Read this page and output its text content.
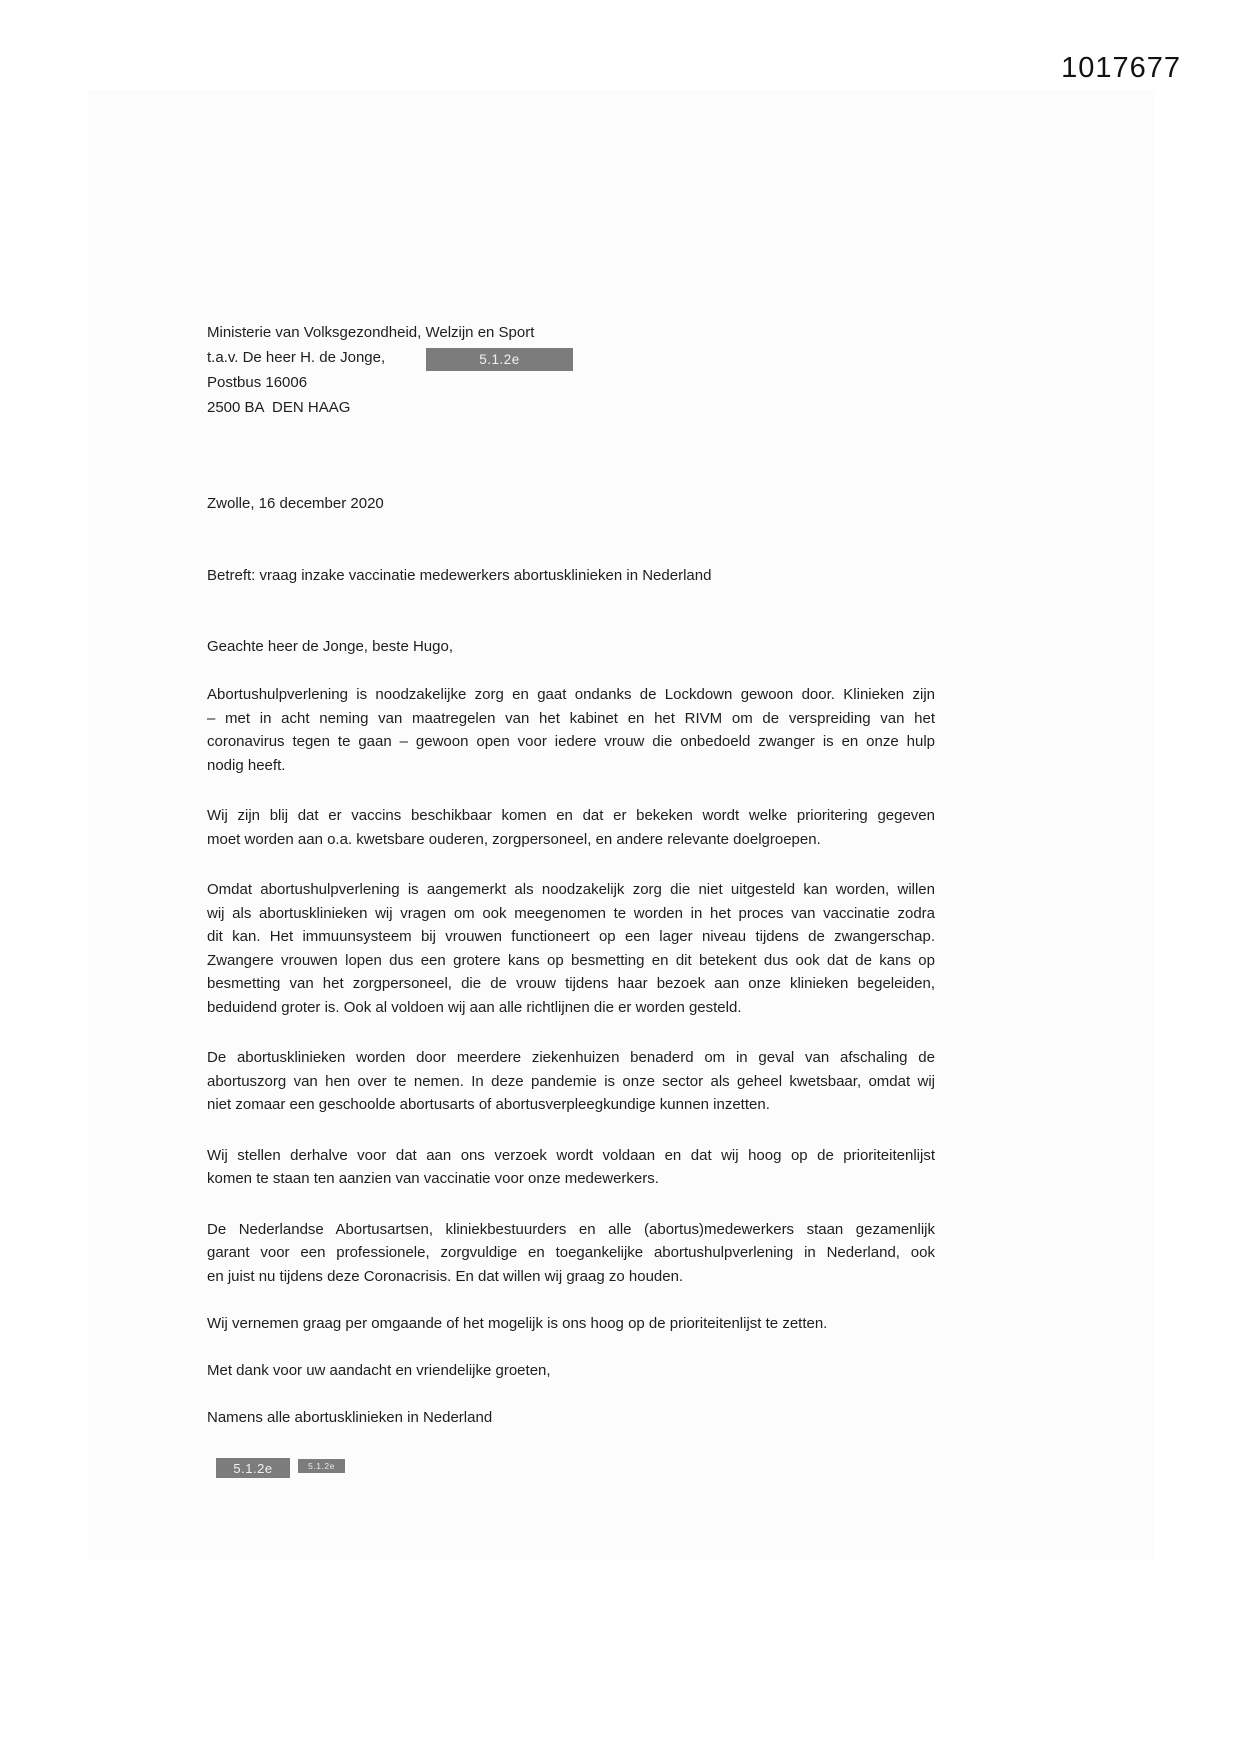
1017677
Ministerie van Volksgezondheid, Welzijn en Sport
t.a.v. De heer H. de Jonge,
Postbus 16006
2500 BA  DEN HAAG
5.1.2e
Zwolle, 16 december 2020
Betreft: vraag inzake vaccinatie medewerkers abortusklinieken in Nederland
Geachte heer de Jonge, beste Hugo,
Abortushulpverlening is noodzakelijke zorg en gaat ondanks de Lockdown gewoon door. Klinieken zijn
– met in acht neming van maatregelen van het kabinet en het RIVM om de verspreiding van het
coronavirus tegen te gaan – gewoon open voor iedere vrouw die onbedoeld zwanger is en onze hulp
nodig heeft.
Wij zijn blij dat er vaccins beschikbaar komen en dat er bekeken wordt welke prioritering gegeven
moet worden aan o.a. kwetsbare ouderen, zorgpersoneel, en andere relevante doelgroepen.
Omdat abortushulpverlening is aangemerkt als noodzakelijk zorg die niet uitgesteld kan worden, willen
wij als abortusklinieken wij vragen om ook meegenomen te worden in het proces van vaccinatie zodra
dit kan. Het immuunsysteem bij vrouwen functioneert op een lager niveau tijdens de zwangerschap.
Zwangere vrouwen lopen dus een grotere kans op besmetting en dit betekent dus ook dat de kans op
besmetting van het zorgpersoneel, die de vrouw tijdens haar bezoek aan onze klinieken begeleiden,
beduidend groter is. Ook al voldoen wij aan alle richtlijnen die er worden gesteld.
De abortusklinieken worden door meerdere ziekenhuizen benaderd om in geval van afschaling de
abortuszorg van hen over te nemen. In deze pandemie is onze sector als geheel kwetsbaar, omdat wij
niet zomaar een geschoolde abortusarts of abortusverpleegkundige kunnen inzetten.
Wij stellen derhalve voor dat aan ons verzoek wordt voldaan en dat wij hoog op de prioriteitenlijst
komen te staan ten aanzien van vaccinatie voor onze medewerkers.
De Nederlandse Abortusartsen, kliniekbestuurders en alle (abortus)medewerkers staan gezamenlijk
garant voor een professionele, zorgvuldige en toegankelijke abortushulpverlening in Nederland, ook
en juist nu tijdens deze Coronacrisis. En dat willen wij graag zo houden.
Wij vernemen graag per omgaande of het mogelijk is ons hoog op de prioriteitenlijst te zetten.
Met dank voor uw aandacht en vriendelijke groeten,
Namens alle abortusklinieken in Nederland
5.1.2e	5.1.2e
